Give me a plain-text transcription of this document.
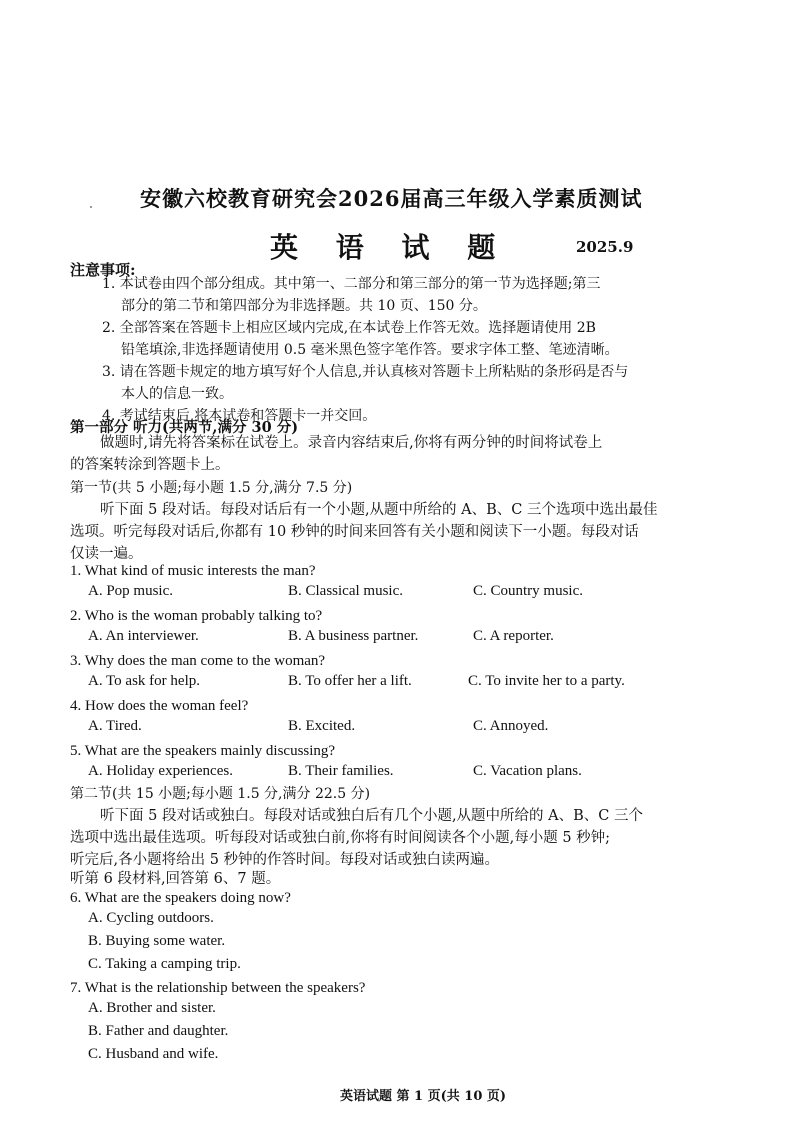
安徽六校教育研究会2026届高三年级入学素质测试
英 语 试 题	2025.9
注意事项:
1. 本试卷由四个部分组成。其中第一、二部分和第三部分的第一节为选择题;第三
部分的第二节和第四部分为非选择题。共 10 页、150 分。
2. 全部答案在答题卡上相应区域内完成,在本试卷上作答无效。选择题请使用 2B
铅笔填涂,非选择题请使用 0.5 毫米黑色签字笔作答。要求字体工整、笔迹清晰。
3. 请在答题卡规定的地方填写好个人信息,并认真核对答题卡上所粘贴的条形码是否与
本人的信息一致。
4. 考试结束后,将本试卷和答题卡一并交回。
第一部分 听力(共两节,满分 30 分)
做题时,请先将答案标在试卷上。录音内容结束后,你将有两分钟的时间将试卷上
的答案转涂到答题卡上。
第一节(共 5 小题;每小题 1.5 分,满分 7.5 分)
听下面 5 段对话。每段对话后有一个小题,从题中所给的 A、B、C 三个选项中选出最佳
选项。听完每段对话后,你都有 10 秒钟的时间来回答有关小题和阅读下一小题。每段对话
仅读一遍。
1. What kind of music interests the man?
A. Pop music.	B. Classical music.	C. Country music.
2. Who is the woman probably talking to?
A. An interviewer.	B. A business partner.	C. A reporter.
3. Why does the man come to the woman?
A. To ask for help.	B. To offer her a lift.	C. To invite her to a party.
4. How does the woman feel?
A. Tired.	B. Excited.	C. Annoyed.
5. What are the speakers mainly discussing?
A. Holiday experiences.	B. Their families.	C. Vacation plans.
第二节(共 15 小题;每小题 1.5 分,满分 22.5 分)
听下面 5 段对话或独白。每段对话或独白后有几个小题,从题中所给的 A、B、C 三个
选项中选出最佳选项。听每段对话或独白前,你将有时间阅读各个小题,每小题 5 秒钟;
听完后,各小题将给出 5 秒钟的作答时间。每段对话或独白读两遍。
听第 6 段材料,回答第 6、7 题。
6. What are the speakers doing now?
A. Cycling outdoors.
B. Buying some water.
C. Taking a camping trip.
7. What is the relationship between the speakers?
A. Brother and sister.
B. Father and daughter.
C. Husband and wife.
英语试题 第 1 页(共 10 页)
